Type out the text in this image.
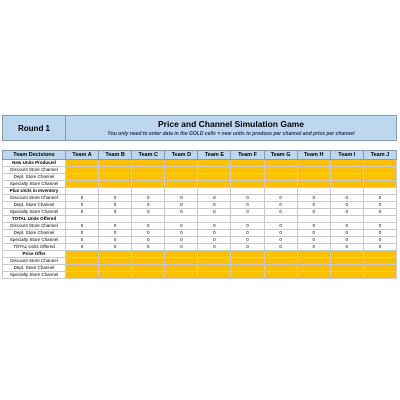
Round 1	Price and Channel Simulation Game
You only need to enter data in the GOLD cells = new units to produce per channel and price per channel
Team Decisions	Team A	Team B	Team C	Team D	Team E	Team F	Team G	Team H	Team I	Team J
New Units Produced										
Discount Store Channel										
Dept. Store Channel										
Specialty Store Channel										
Plus Units in Inventory										
Discount Store Channel	0	0	0	0	0	0	0	0	0	0
Dept. Store Channel	0	0	0	0	0	0	0	0	0	0
Specialty Store Channel	0	0	0	0	0	0	0	0	0	0
TOTAL Units Offered										
Discount Store Channel	0	0	0	0	0	0	0	0	0	0
Dept. Store Channel	0	0	0	0	0	0	0	0	0	0
Specialty Store Channel	0	0	0	0	0	0	0	0	0	0
TOTAL Units Offered	0	0	0	0	0	0	0	0	0	0
Price Offer										
Discount Store Channel										
Dept. Store Channel										
Specialty Store Channel										
